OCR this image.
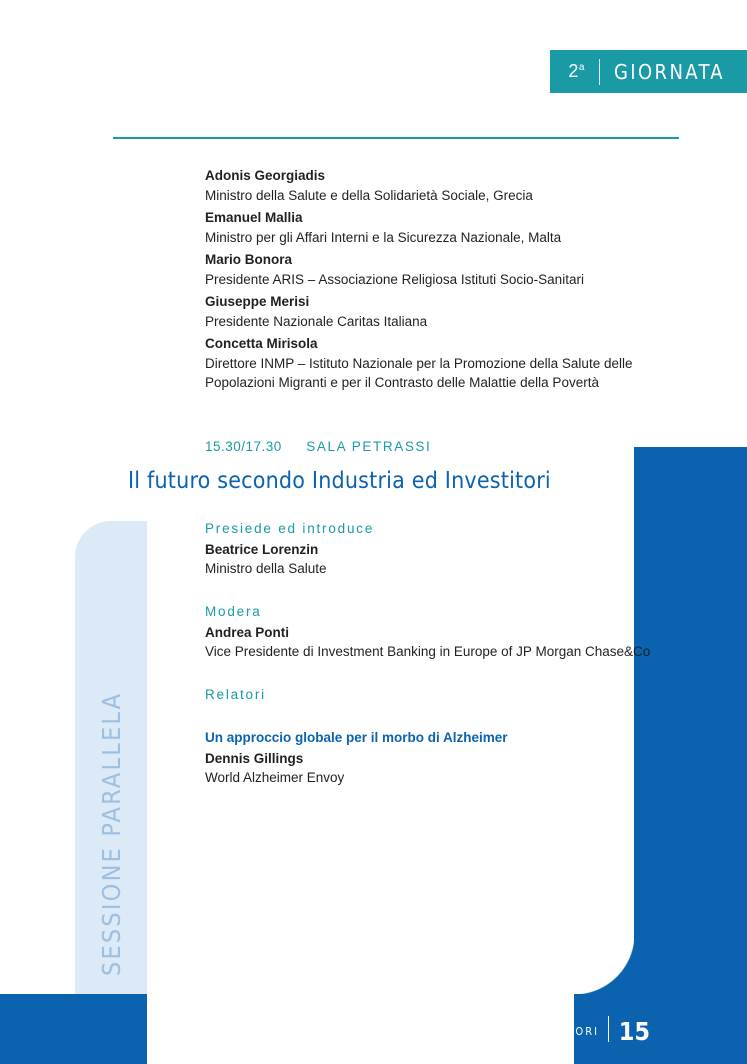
SESSIONE PARALLELA
2$^a$ GIORNATA
Adonis Georgiadis
Ministro della Salute e della Solidarietà Sociale, Grecia
Emanuel Mallia
Ministro per gli Affari Interni e la Sicurezza Nazionale, Malta
Mario Bonora
Presidente ARIS – Associazione Religiosa Istituti Socio-Sanitari
Giuseppe Merisi
Presidente Nazionale Caritas Italiana
Concetta Mirisola
Direttore INMP – Istituto Nazionale per la Promozione della Salute delle Popolazioni Migranti e per il Contrasto delle Malattie della Povertà
15.30/17.30 SALA PETRASSI
Il futuro secondo Industria ed Investitori
Presiede ed introduce
Beatrice Lorenzin
Ministro della Salute
Modera
Andrea Ponti
Vice Presidente di Investment Banking in Europe of JP Morgan Chase&Co
Relatori
Un approccio globale per il morbo di Alzheimer
Dennis Gillings
World Alzheimer Envoy
PROGRAMMA DEI LAVORI 15
